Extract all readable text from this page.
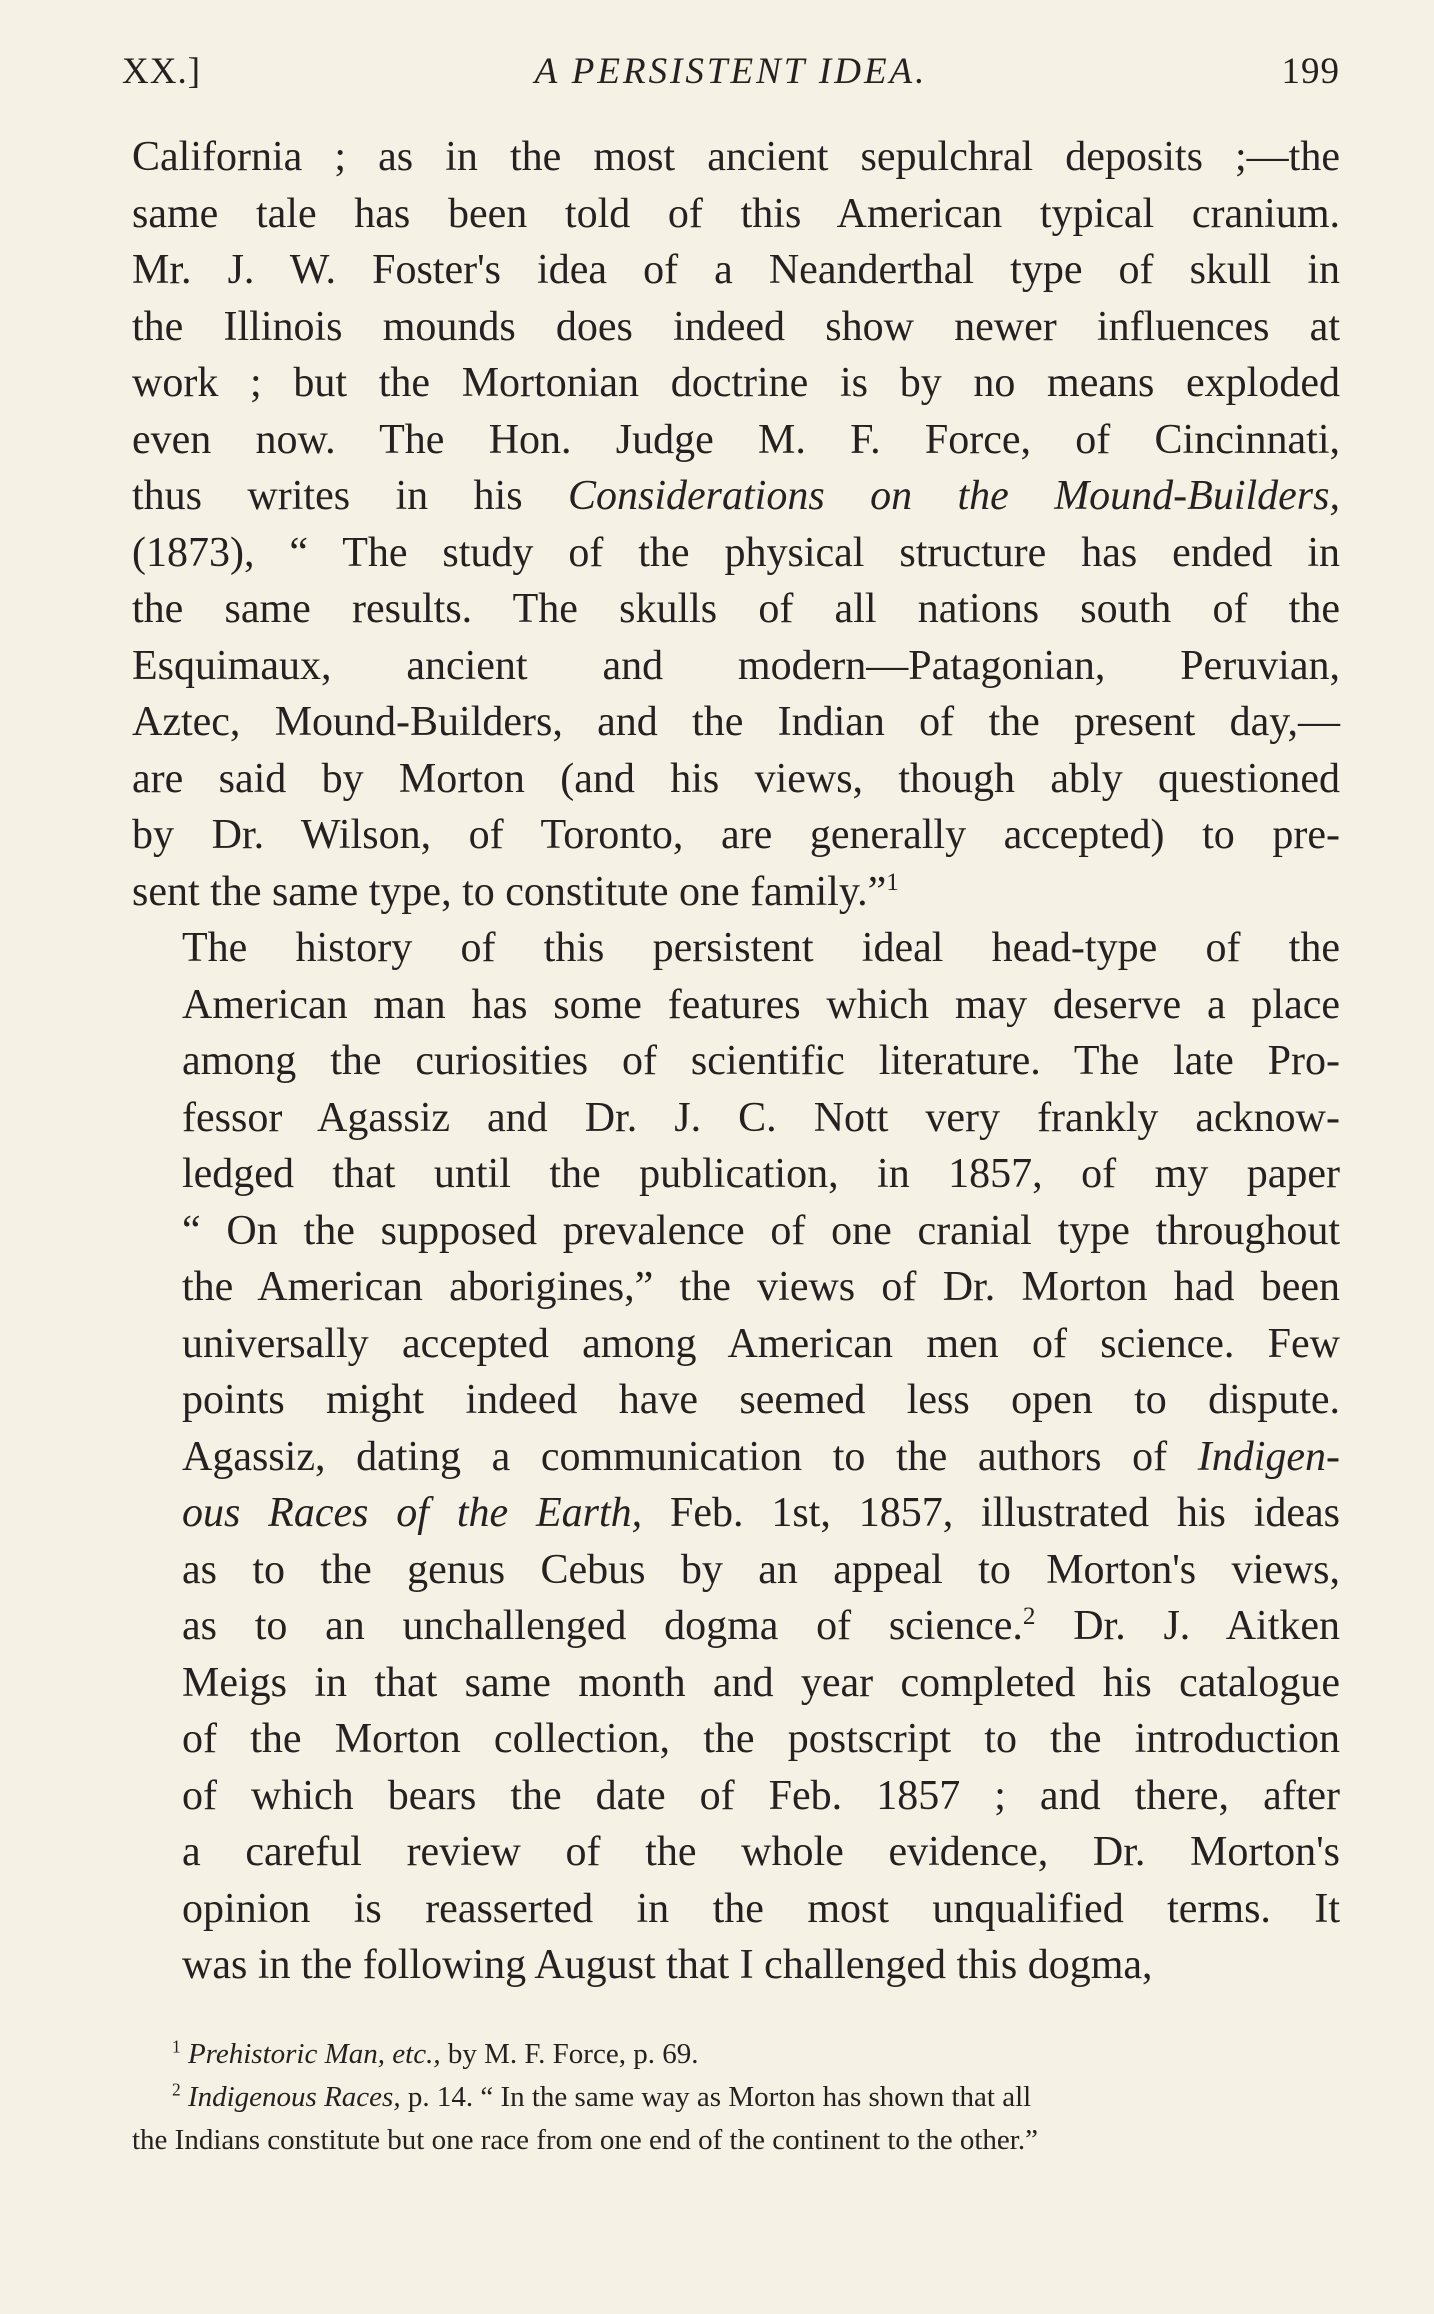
XX.]	A PERSISTENT IDEA.	199

California ; as in the most ancient sepulchral deposits ;—the
same tale has been told of this American typical cranium.
Mr. J. W. Foster's idea of a Neanderthal type of skull in
the Illinois mounds does indeed show newer influences at
work ; but the Mortonian doctrine is by no means exploded
even now. The Hon. Judge M. F. Force, of Cincinnati,
thus writes in his Considerations on the Mound-Builders,
(1873), “ The study of the physical structure has ended in
the same results. The skulls of all nations south of the
Esquimaux, ancient and modern—Patagonian, Peruvian,
Aztec, Mound-Builders, and the Indian of the present day,—
are said by Morton (and his views, though ably questioned
by Dr. Wilson, of Toronto, are generally accepted) to pre-
sent the same type, to constitute one family.”$^1$

The history of this persistent ideal head-type of the
American man has some features which may deserve a place
among the curiosities of scientific literature. The late Pro-
fessor Agassiz and Dr. J. C. Nott very frankly acknow-
ledged that until the publication, in 1857, of my paper
“ On the supposed prevalence of one cranial type throughout
the American aborigines,” the views of Dr. Morton had been
universally accepted among American men of science. Few
points might indeed have seemed less open to dispute.
Agassiz, dating a communication to the authors of Indigen-
ous Races of the Earth, Feb. 1st, 1857, illustrated his ideas
as to the genus Cebus by an appeal to Morton's views,
as to an unchallenged dogma of science.$^2$ Dr. J. Aitken
Meigs in that same month and year completed his catalogue
of the Morton collection, the postscript to the introduction
of which bears the date of Feb. 1857 ; and there, after
a careful review of the whole evidence, Dr. Morton's
opinion is reasserted in the most unqualified terms. It
was in the following August that I challenged this dogma,

$^1$ Prehistoric Man, etc., by M. F. Force, p. 69.
$^2$ Indigenous Races, p. 14. “ In the same way as Morton has shown that all
the Indians constitute but one race from one end of the continent to the other.”
